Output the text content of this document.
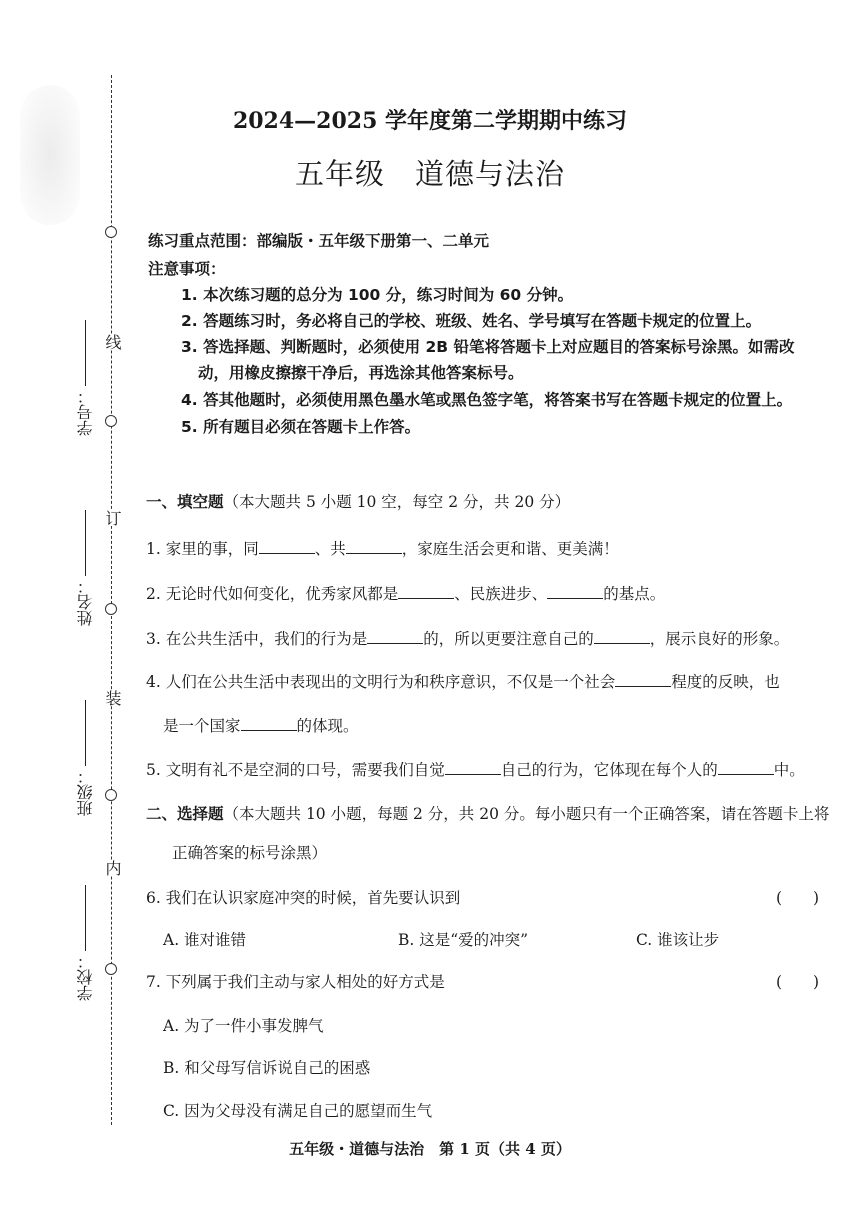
线
订
装
内
学号：
姓名：
班级：
学校：
2024—2025 学年度第二学期期中练习
五年级　道德与法治
练习重点范围：部编版・五年级下册第一、二单元
注意事项：
1. 本次练习题的总分为 100 分，练习时间为 60 分钟。
2. 答题练习时，务必将自己的学校、班级、姓名、学号填写在答题卡规定的位置上。
3. 答选择题、判断题时，必须使用 2B 铅笔将答题卡上对应题目的答案标号涂黑。如需改
动，用橡皮擦擦干净后，再选涂其他答案标号。
4. 答其他题时，必须使用黑色墨水笔或黑色签字笔，将答案书写在答题卡规定的位置上。
5. 所有题目必须在答题卡上作答。
一、填空题（本大题共 5 小题 10 空，每空 2 分，共 20 分）
1. 家里的事，同	、共	，家庭生活会更和谐、更美满！
2. 无论时代如何变化，优秀家风都是	、民族进步、	的基点。
3. 在公共生活中，我们的行为是	的，所以更要注意自己的	，展示良好的形象。
4. 人们在公共生活中表现出的文明行为和秩序意识，不仅是一个社会	程度的反映，也
是一个国家	的体现。
5. 文明有礼不是空洞的口号，需要我们自觉	自己的行为，它体现在每个人的	中。
二、选择题（本大题共 10 小题，每题 2 分，共 20 分。每小题只有一个正确答案，请在答题卡上将
正确答案的标号涂黑）
6. 我们在认识家庭冲突的时候，首先要认识到	(　　)
A. 谁对谁错	B. 这是“爱的冲突”	C. 谁该让步
7. 下列属于我们主动与家人相处的好方式是	(　　)
A. 为了一件小事发脾气
B. 和父母写信诉说自己的困惑
C. 因为父母没有满足自己的愿望而生气
五年级・道德与法治　第 1 页（共 4 页）
